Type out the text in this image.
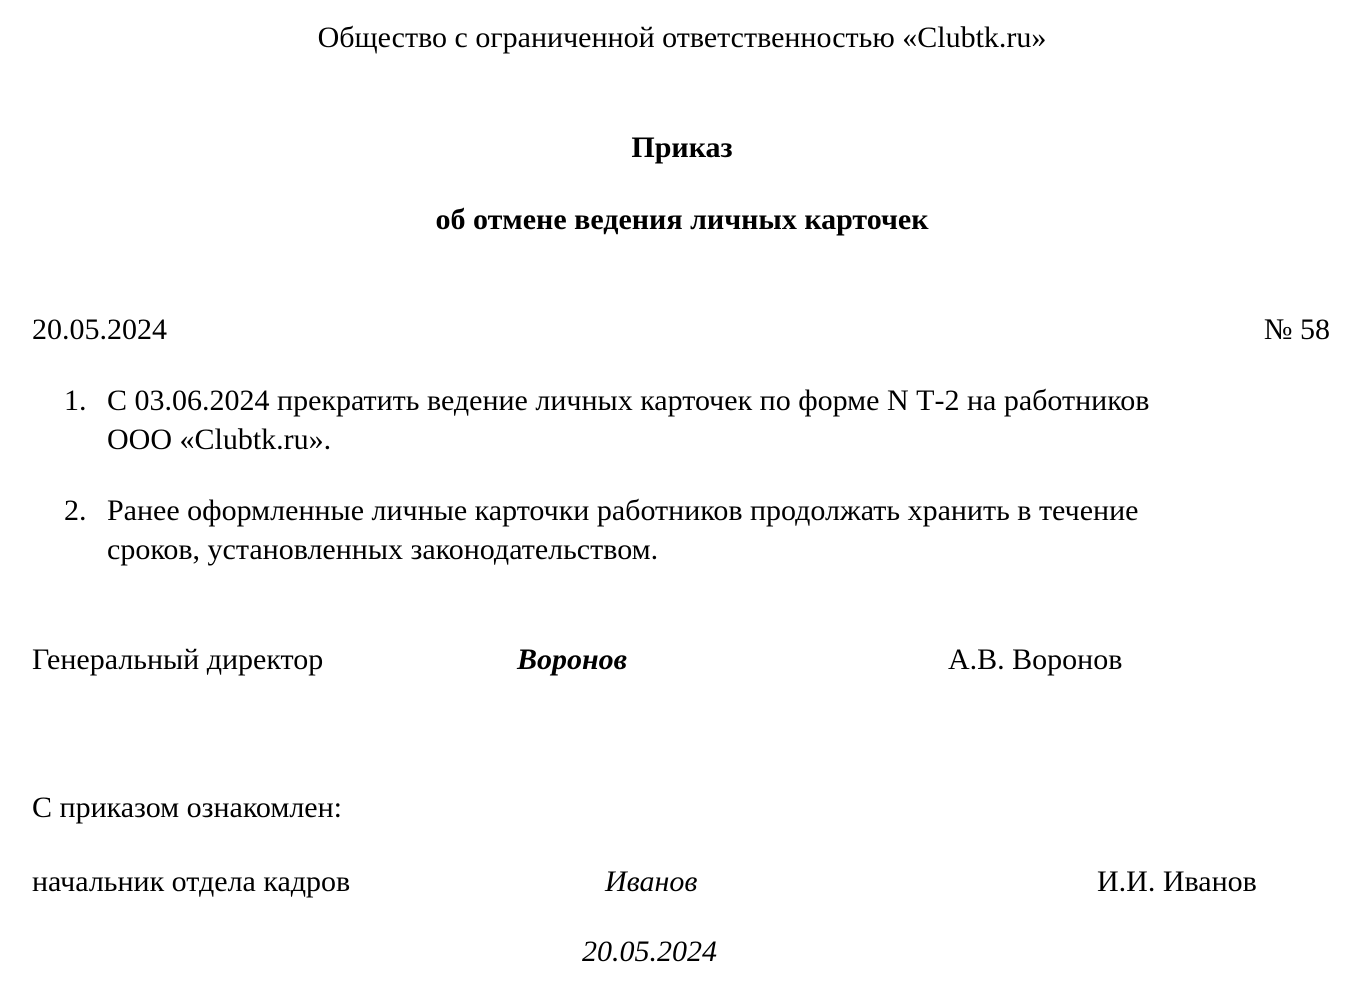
Общество с ограниченной ответственностью «Clubtk.ru»
Приказ
об отмене ведения личных карточек
20.05.2024	№ 58
1. С 03.06.2024 прекратить ведение личных карточек по форме N Т-2 на работников
ООО «Clubtk.ru».
2. Ранее оформленные личные карточки работников продолжать хранить в течение
сроков, установленных законодательством.
Генеральный директор	Воронов	А.В. Воронов
С приказом ознакомлен:
начальник отдела кадров	Иванов	И.И. Иванов
20.05.2024
